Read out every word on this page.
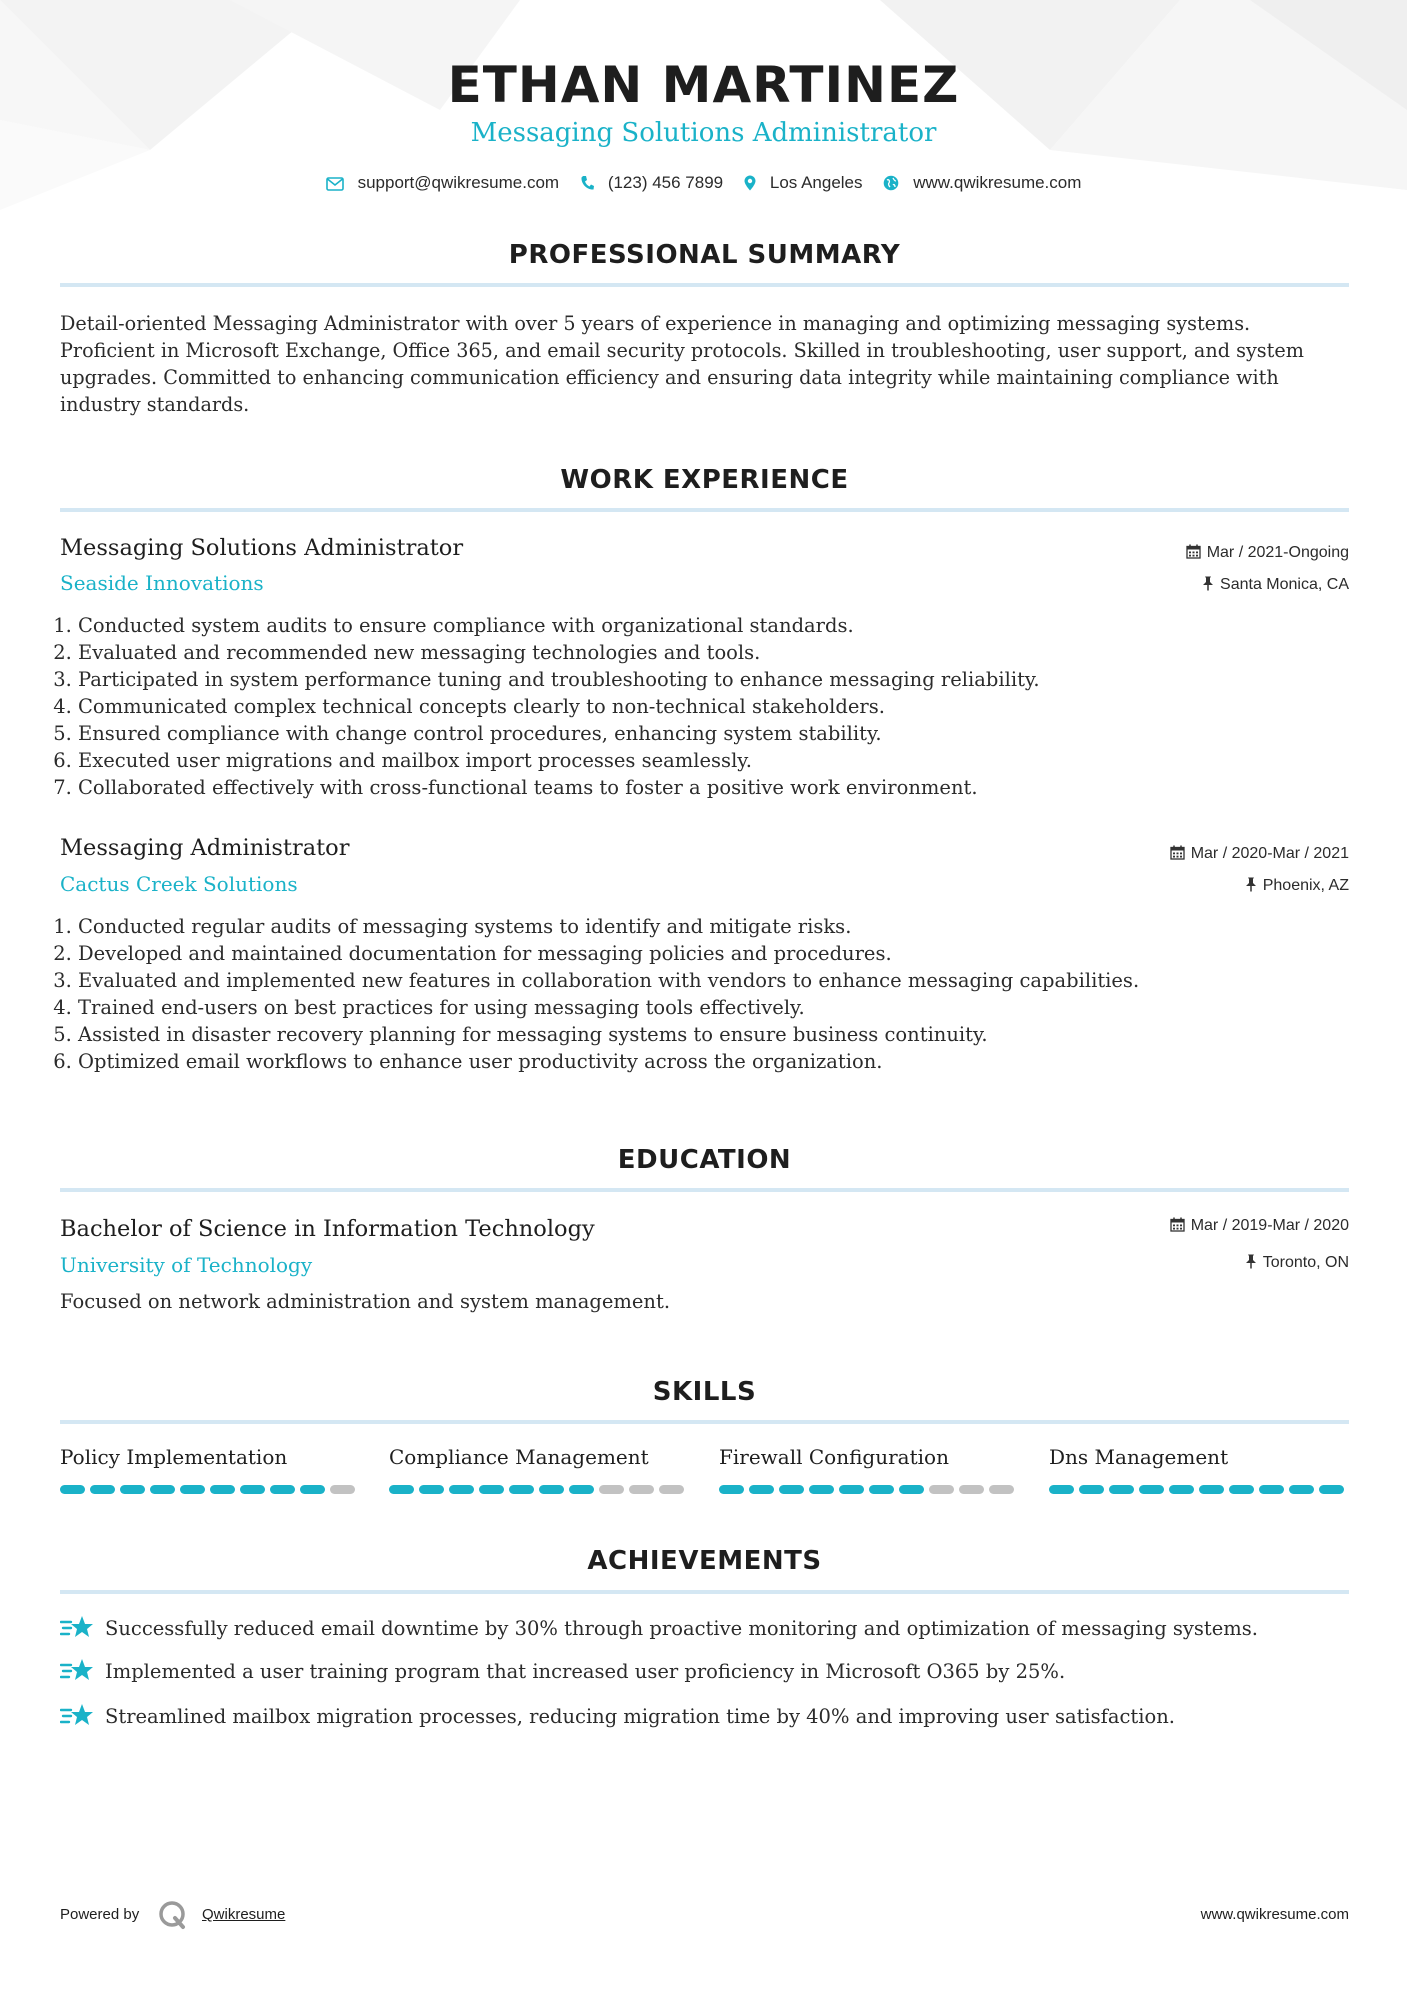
ETHAN MARTINEZ
Messaging Solutions Administrator
support@qwikresume.com	(123) 456 7899	Los Angeles	www.qwikresume.com
PROFESSIONAL SUMMARY
Detail-oriented Messaging Administrator with over 5 years of experience in managing and optimizing messaging systems. Proficient in Microsoft Exchange, Office 365, and email security protocols. Skilled in troubleshooting, user support, and system upgrades. Committed to enhancing communication efficiency and ensuring data integrity while maintaining compliance with industry standards.
WORK EXPERIENCE
Messaging Solutions Administrator
Seaside Innovations
Mar / 2021-Ongoing
Santa Monica, CA
1. Conducted system audits to ensure compliance with organizational standards.
2. Evaluated and recommended new messaging technologies and tools.
3. Participated in system performance tuning and troubleshooting to enhance messaging reliability.
4. Communicated complex technical concepts clearly to non-technical stakeholders.
5. Ensured compliance with change control procedures, enhancing system stability.
6. Executed user migrations and mailbox import processes seamlessly.
7. Collaborated effectively with cross-functional teams to foster a positive work environment.
Messaging Administrator
Cactus Creek Solutions
Mar / 2020-Mar / 2021
Phoenix, AZ
1. Conducted regular audits of messaging systems to identify and mitigate risks.
2. Developed and maintained documentation for messaging policies and procedures.
3. Evaluated and implemented new features in collaboration with vendors to enhance messaging capabilities.
4. Trained end-users on best practices for using messaging tools effectively.
5. Assisted in disaster recovery planning for messaging systems to ensure business continuity.
6. Optimized email workflows to enhance user productivity across the organization.
EDUCATION
Bachelor of Science in Information Technology
University of Technology
Mar / 2019-Mar / 2020
Toronto, ON
Focused on network administration and system management.
SKILLS
Policy Implementation	Compliance Management	Firewall Configuration	Dns Management
ACHIEVEMENTS
Successfully reduced email downtime by 30% through proactive monitoring and optimization of messaging systems.
Implemented a user training program that increased user proficiency in Microsoft O365 by 25%.
Streamlined mailbox migration processes, reducing migration time by 40% and improving user satisfaction.
Powered by	Qwikresume	www.qwikresume.com
